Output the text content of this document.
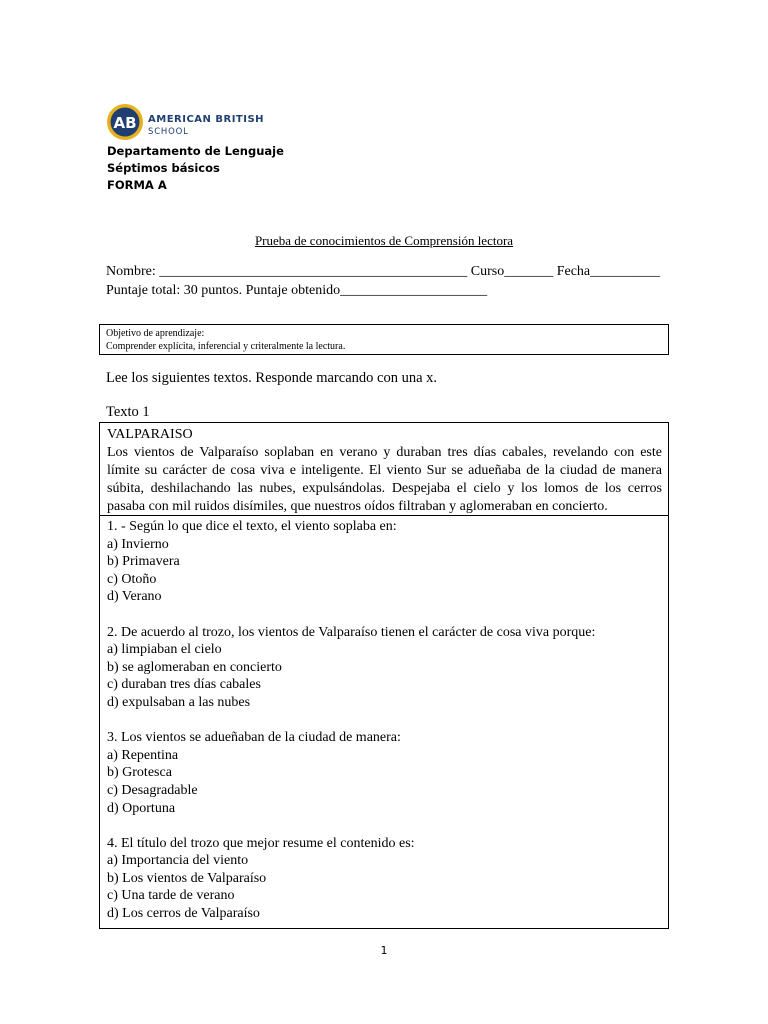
AB AMERICAN BRITISH
SCHOOL
Departamento de Lenguaje
Séptimos básicos
FORMA A
Prueba de conocimientos de Comprensión lectora
Nombre: ____________________________________________ Curso_______ Fecha__________
Puntaje total: 30 puntos. Puntaje obtenido_____________________
Objetivo de aprendizaje:
Comprender explícita, inferencial y criteralmente la lectura.
Lee los siguientes textos. Responde marcando con una x.
Texto 1
VALPARAISO
Los vientos de Valparaíso soplaban en verano y duraban tres días cabales, revelando con este límite su carácter de cosa viva e inteligente. El viento Sur se adueñaba de la ciudad de manera súbita, deshilachando las nubes, expulsándolas. Despejaba el cielo y los lomos de los cerros pasaba con mil ruidos disímiles, que nuestros oídos filtraban y aglomeraban en concierto.
1. - Según lo que dice el texto, el viento soplaba en:
a) Invierno
b) Primavera
c) Otoño
d) Verano
2. De acuerdo al trozo, los vientos de Valparaíso tienen el carácter de cosa viva porque:
a) limpiaban el cielo
b) se aglomeraban en concierto
c) duraban tres días cabales
d) expulsaban a las nubes
3. Los vientos se adueñaban de la ciudad de manera:
a) Repentina
b) Grotesca
c) Desagradable
d) Oportuna
4. El título del trozo que mejor resume el contenido es:
a) Importancia del viento
b) Los vientos de Valparaíso
c) Una tarde de verano
d) Los cerros de Valparaíso
1
